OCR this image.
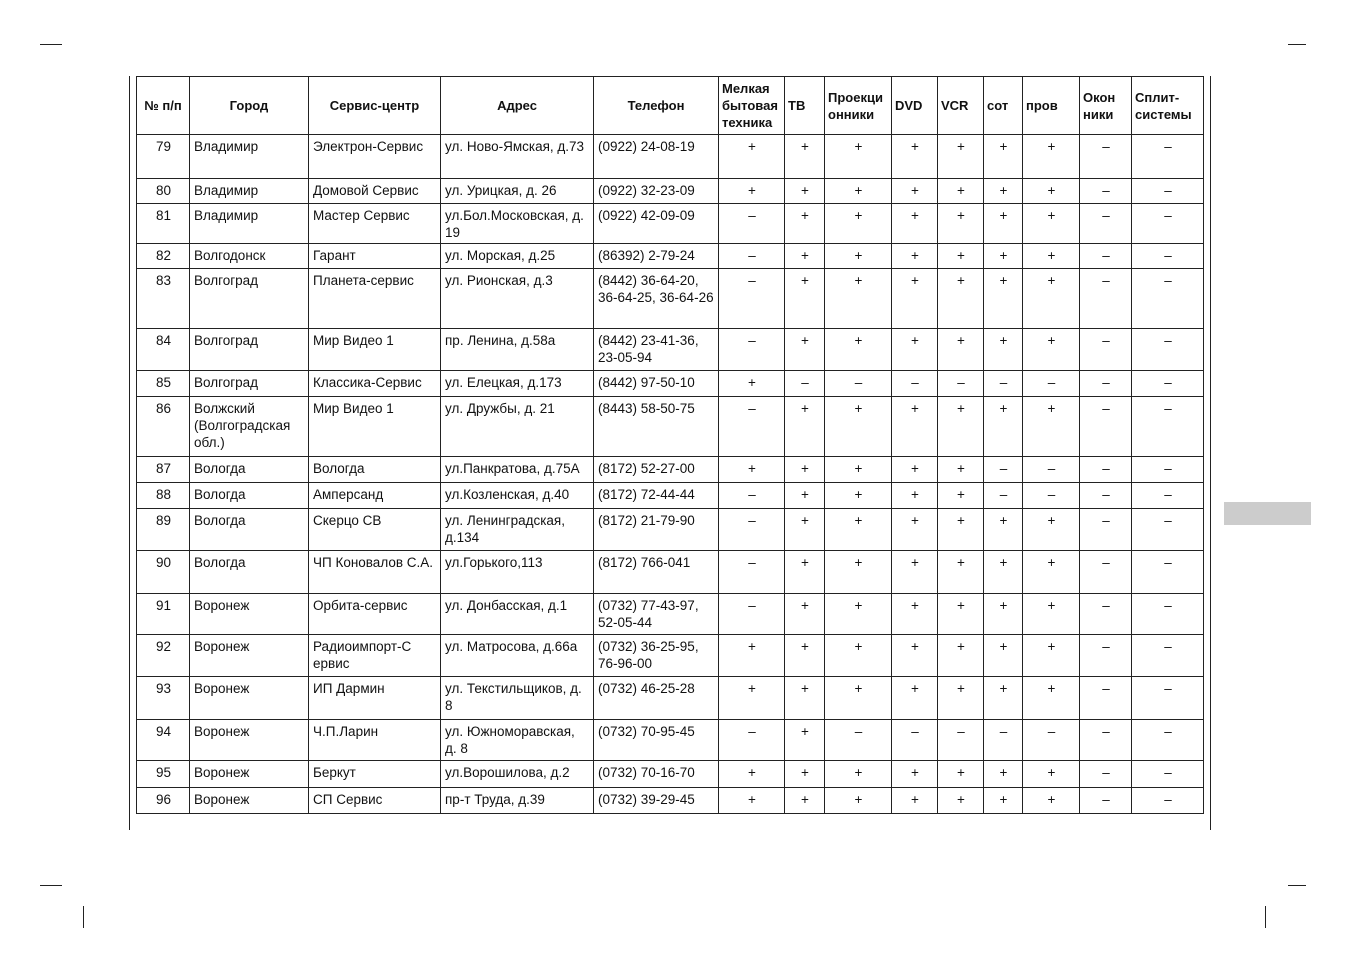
№ п/п	Город	Сервис-центр	Адрес	Телефон	Мелкая бытовая техника	ТВ	Проекци онники	DVD	VCR	сот	пров	Окон ники	Сплит- системы
79	Владимир	Электрон-Сервис	ул. Ново-Ямская, д.73	(0922) 24-08-19	+	+	+	+	+	+	+	–	–
80	Владимир	Домовой Сервис	ул. Урицкая, д. 26	(0922) 32-23-09	+	+	+	+	+	+	+	–	–
81	Владимир	Мастер Сервис	ул.Бол.Московская, д. 19	(0922) 42-09-09	–	+	+	+	+	+	+	–	–
82	Волгодонск	Гарант	ул. Морская, д.25	(86392) 2-79-24	–	+	+	+	+	+	+	–	–
83	Волгоград	Планета-сервис	ул. Рионская, д.3	(8442) 36-64-20, 36-64-25, 36-64-26	–	+	+	+	+	+	+	–	–
84	Волгоград	Мир Видео 1	пр. Ленина, д.58а	(8442) 23-41-36, 23-05-94	–	+	+	+	+	+	+	–	–
85	Волгоград	Классика-Сервис	ул. Елецкая, д.173	(8442) 97-50-10	+	–	–	–	–	–	–	–	–
86	Волжский (Волгоградская обл.)	Мир Видео 1	ул. Дружбы, д. 21	(8443) 58-50-75	–	+	+	+	+	+	+	–	–
87	Вологда	Вологда	ул.Панкратова, д.75А	(8172) 52-27-00	+	+	+	+	+	–	–	–	–
88	Вологда	Амперсанд	ул.Козленская, д.40	(8172) 72-44-44	–	+	+	+	+	–	–	–	–
89	Вологда	Скерцо СВ	ул. Ленинградская, д.134	(8172) 21-79-90	–	+	+	+	+	+	+	–	–
90	Вологда	ЧП Коновалов С.А.	ул.Горького,113	(8172) 766-041	–	+	+	+	+	+	+	–	–
91	Воронеж	Орбита-сервис	ул. Донбасская, д.1	(0732) 77-43-97, 52-05-44	–	+	+	+	+	+	+	–	–
92	Воронеж	Радиоимпорт-С ервис	ул. Матросова, д.66а	(0732) 36-25-95, 76-96-00	+	+	+	+	+	+	+	–	–
93	Воронеж	ИП Дармин	ул. Текстильщиков, д. 8	(0732) 46-25-28	+	+	+	+	+	+	+	–	–
94	Воронеж	Ч.П.Ларин	ул. Южноморавская, д. 8	(0732) 70-95-45	–	+	–	–	–	–	–	–	–
95	Воронеж	Беркут	ул.Ворошилова, д.2	(0732) 70-16-70	+	+	+	+	+	+	+	–	–
96	Воронеж	СП Сервис	пр-т Труда, д.39	(0732) 39-29-45	+	+	+	+	+	+	+	–	–
